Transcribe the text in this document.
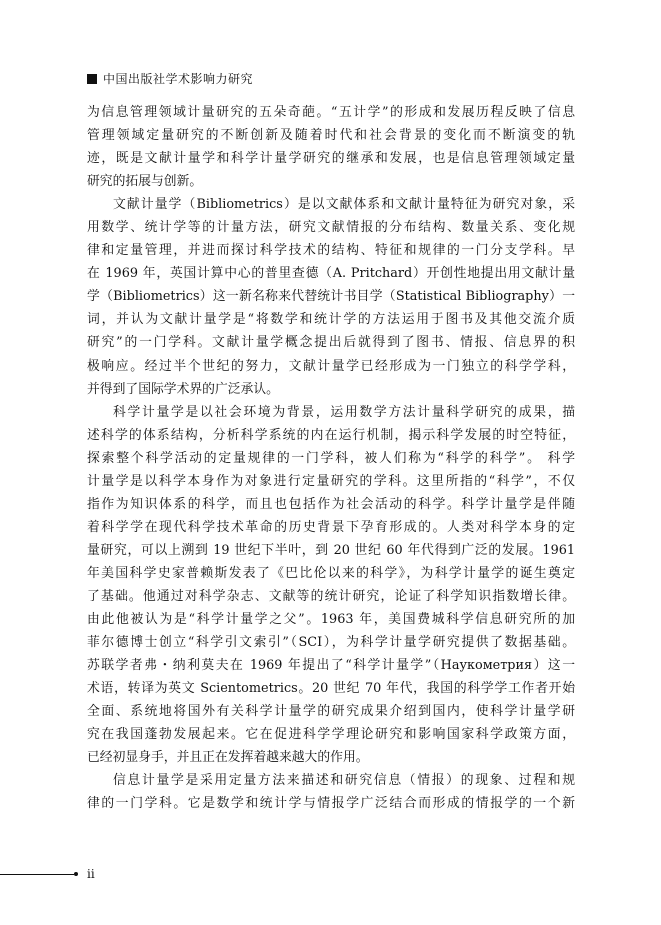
中国出版社学术影响力研究
为信息管理领域计量研究的五朵奇葩。“五计学”的形成和发展历程反映了信息
管理领域定量研究的不断创新及随着时代和社会背景的变化而不断演变的轨
迹，既是文献计量学和科学计量学研究的继承和发展，也是信息管理领域定量
研究的拓展与创新。
文献计量学（Bibliometrics）是以文献体系和文献计量特征为研究对象，采
用数学、统计学等的计量方法，研究文献情报的分布结构、数量关系、变化规
律和定量管理，并进而探讨科学技术的结构、特征和规律的一门分支学科。早
在 1969 年，英国计算中心的普里查德（A. Pritchard）开创性地提出用文献计量
学（Bibliometrics）这一新名称来代替统计书目学（Statistical Bibliography）一
词，并认为文献计量学是“将数学和统计学的方法运用于图书及其他交流介质
研究”的一门学科。文献计量学概念提出后就得到了图书、情报、信息界的积
极响应。经过半个世纪的努力，文献计量学已经形成为一门独立的科学学科，
并得到了国际学术界的广泛承认。
科学计量学是以社会环境为背景，运用数学方法计量科学研究的成果，描
述科学的体系结构，分析科学系统的内在运行机制，揭示科学发展的时空特征，
探索整个科学活动的定量规律的一门学科，被人们称为“科学的科学”。 科学
计量学是以科学本身作为对象进行定量研究的学科。这里所指的“科学”，不仅
指作为知识体系的科学，而且也包括作为社会活动的科学。科学计量学是伴随
着科学学在现代科学技术革命的历史背景下孕育形成的。人类对科学本身的定
量研究，可以上溯到 19 世纪下半叶，到 20 世纪 60 年代得到广泛的发展。1961
年美国科学史家普赖斯发表了《巴比伦以来的科学》，为科学计量学的诞生奠定
了基础。他通过对科学杂志、文献等的统计研究，论证了科学知识指数增长律。
由此他被认为是“科学计量学之父”。1963 年，美国费城科学信息研究所的加
菲尔德博士创立“科学引文索引”（SCI），为科学计量学研究提供了数据基础。
苏联学者弗・纳利莫夫在 1969 年提出了“科学计量学”（Наукометрия）这一
术语，转译为英文 Scientometrics。20 世纪 70 年代，我国的科学学工作者开始
全面、系统地将国外有关科学计量学的研究成果介绍到国内，使科学计量学研
究在我国蓬勃发展起来。它在促进科学学理论研究和影响国家科学政策方面，
已经初显身手，并且正在发挥着越来越大的作用。
信息计量学是采用定量方法来描述和研究信息（情报）的现象、过程和规
律的一门学科。它是数学和统计学与情报学广泛结合而形成的情报学的一个新
ii
